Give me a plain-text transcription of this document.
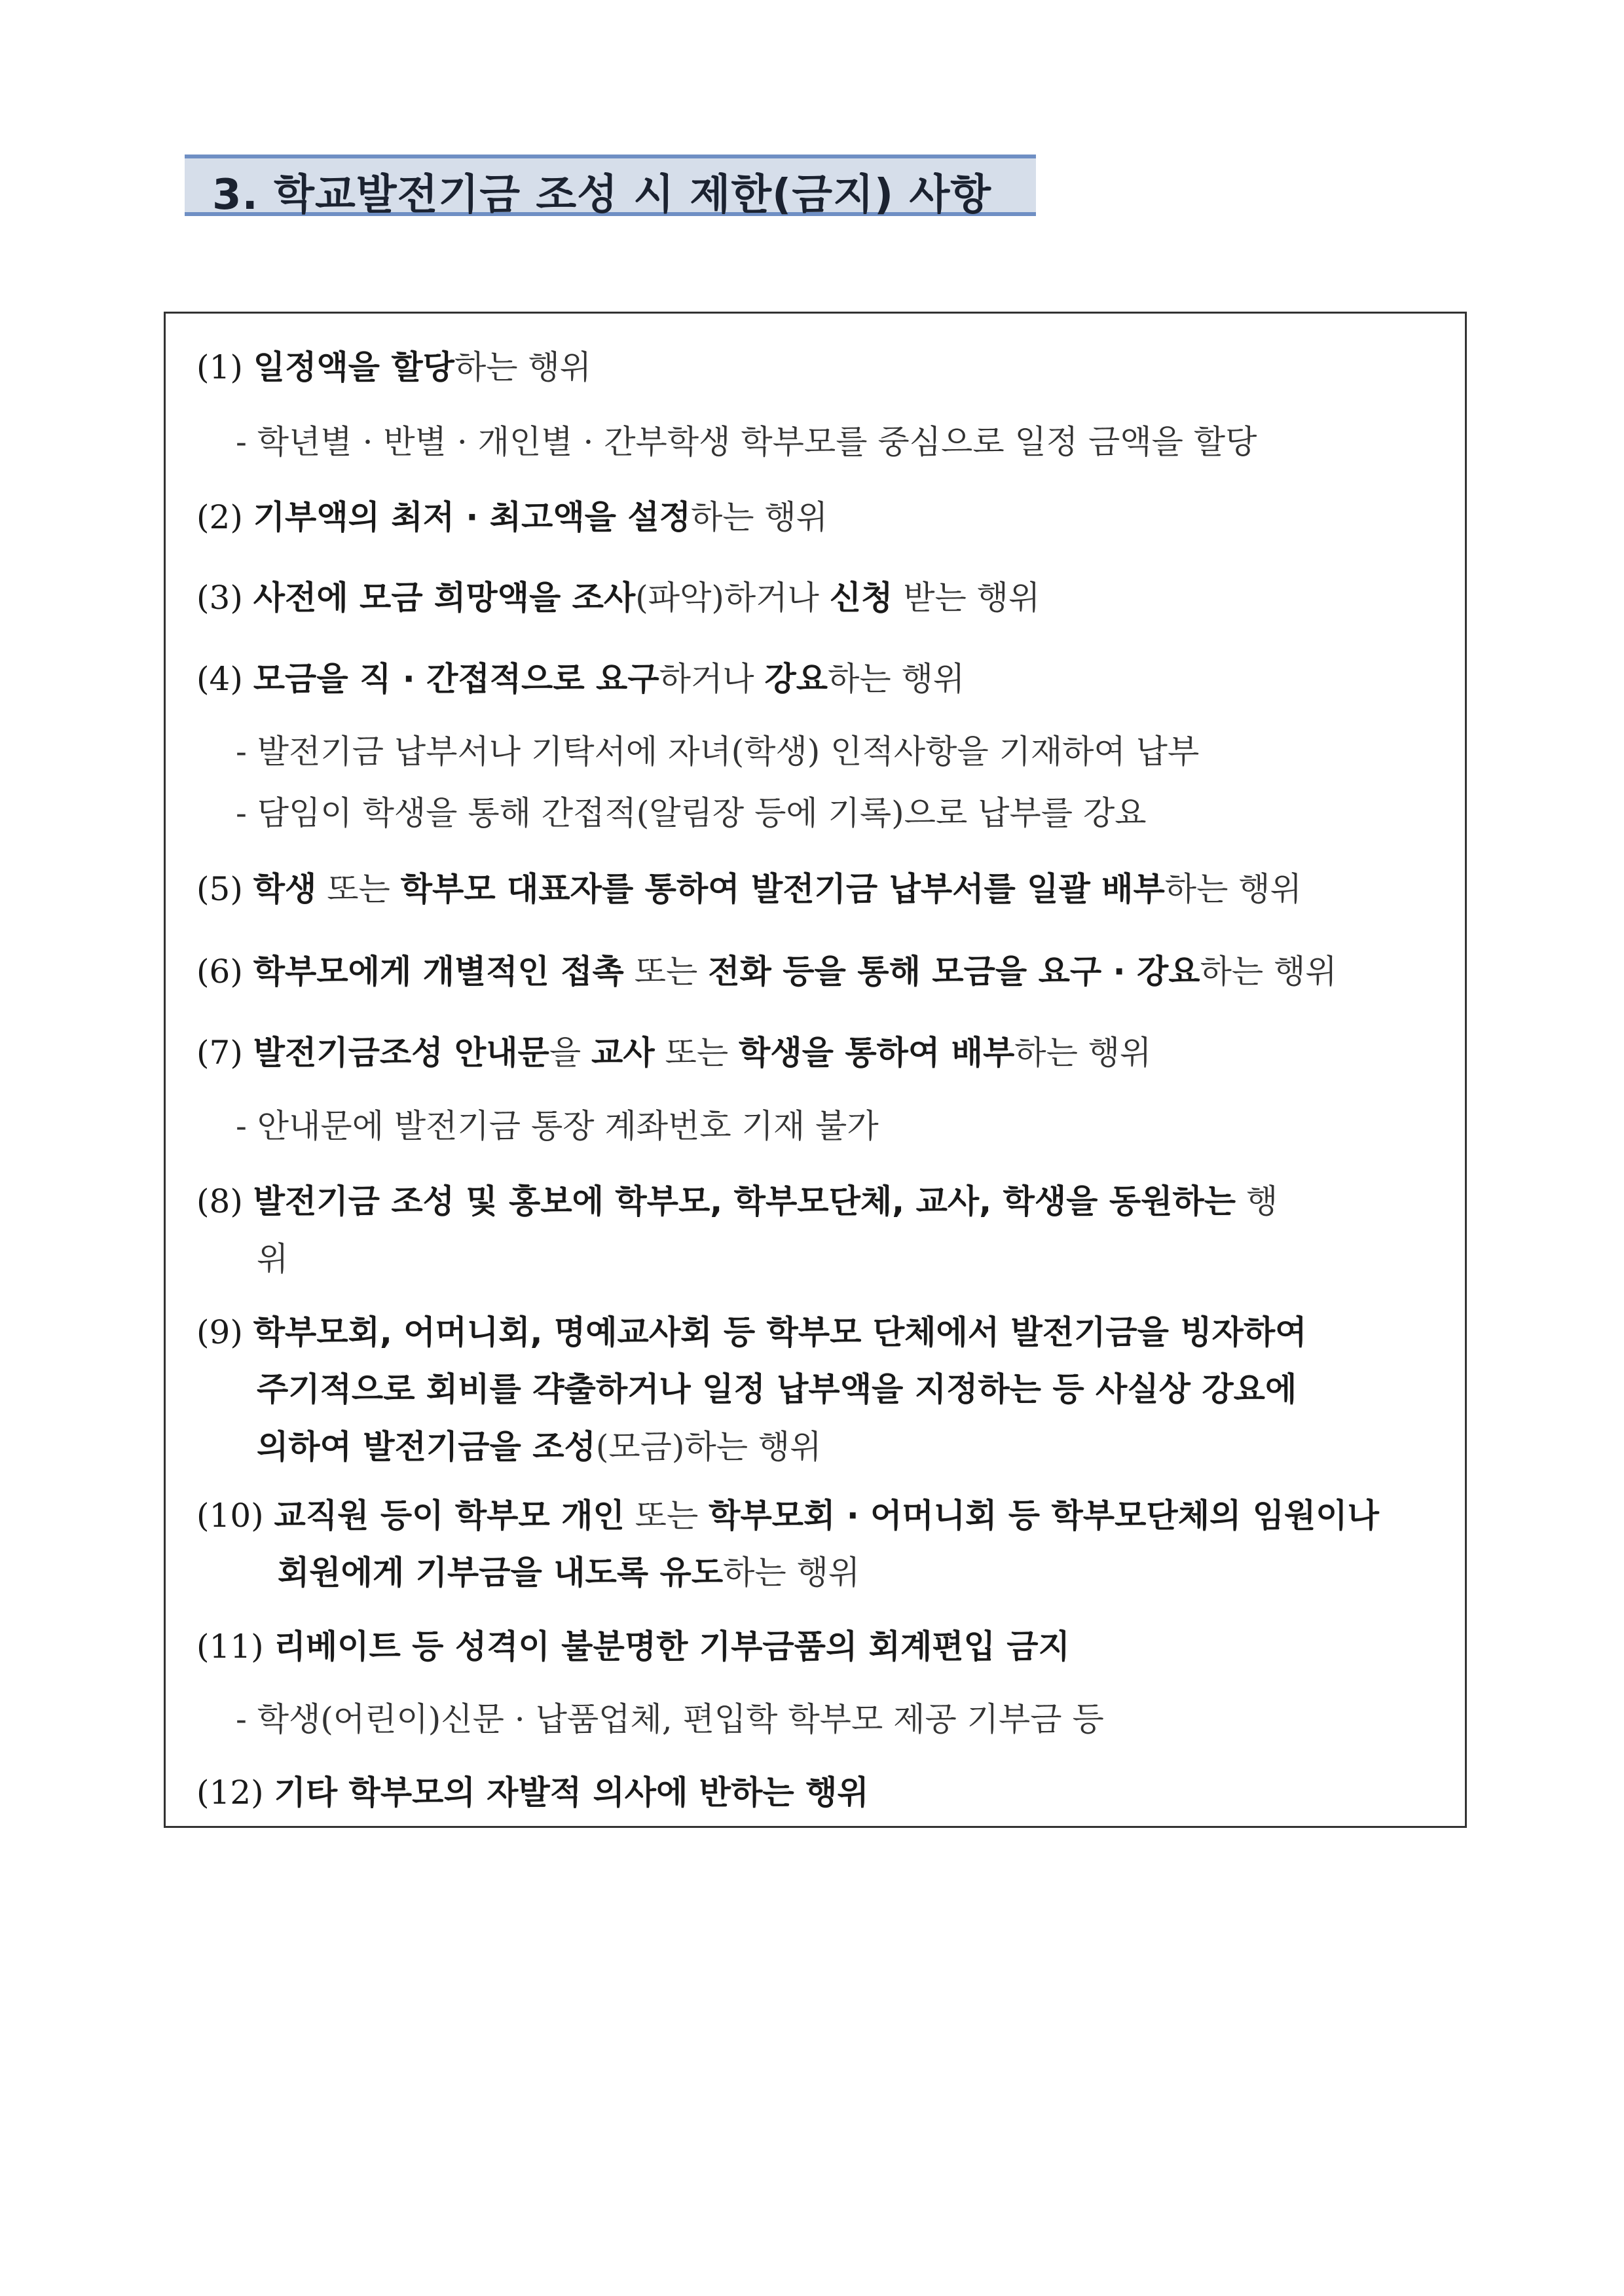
3. 학교발전기금 조성 시 제한(금지) 사항
(1) 일정액을 할당하는 행위
- 학년별 · 반별 · 개인별 · 간부학생 학부모를 중심으로 일정 금액을 할당
(2) 기부액의 최저 · 최고액을 설정하는 행위
(3) 사전에 모금 희망액을 조사(파악)하거나 신청 받는 행위
(4) 모금을 직 · 간접적으로 요구하거나 강요하는 행위
- 발전기금 납부서나 기탁서에 자녀(학생) 인적사항을 기재하여 납부
- 담임이 학생을 통해 간접적(알림장 등에 기록)으로 납부를 강요
(5) 학생 또는 학부모 대표자를 통하여 발전기금 납부서를 일괄 배부하는 행위
(6) 학부모에게 개별적인 접촉 또는 전화 등을 통해 모금을 요구 · 강요하는 행위
(7) 발전기금조성 안내문을 교사 또는 학생을 통하여 배부하는 행위
- 안내문에 발전기금 통장 계좌번호 기재 불가
(8) 발전기금 조성 및 홍보에 학부모, 학부모단체, 교사, 학생을 동원하는 행
위
(9) 학부모회, 어머니회, 명예교사회 등 학부모 단체에서 발전기금을 빙자하여
주기적으로 회비를 갹출하거나 일정 납부액을 지정하는 등 사실상 강요에
의하여 발전기금을 조성(모금)하는 행위
(10) 교직원 등이 학부모 개인 또는 학부모회 · 어머니회 등 학부모단체의 임원이나
회원에게 기부금을 내도록 유도하는 행위
(11) 리베이트 등 성격이 불분명한 기부금품의 회계편입 금지
- 학생(어린이)신문 · 납품업체, 편입학 학부모 제공 기부금 등
(12) 기타 학부모의 자발적 의사에 반하는 행위
